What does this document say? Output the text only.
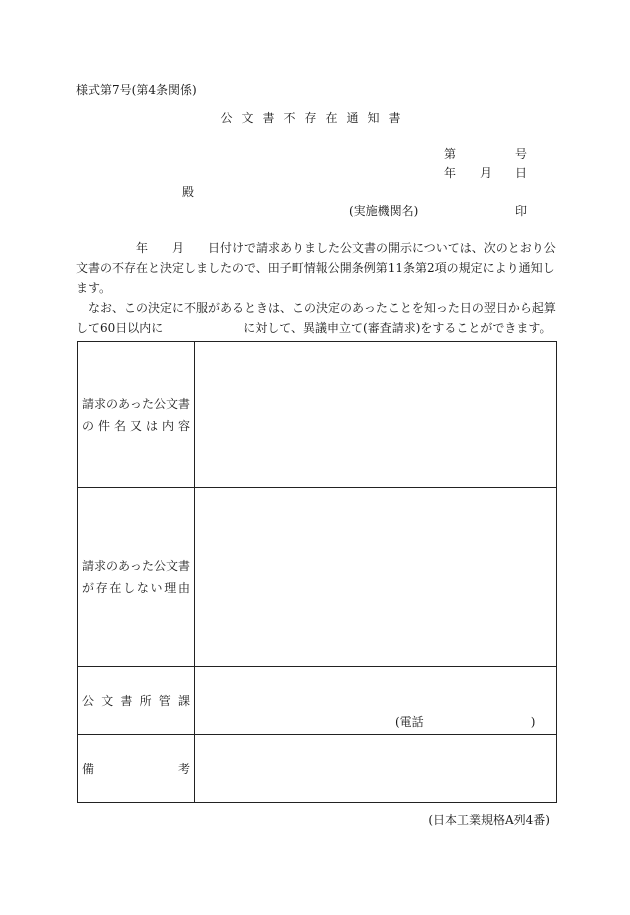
様式第7号(第4条関係)
公文書不存在通知書
第	号
年 月 日
殿
(実施機関名)	印
年 月 日付けで請求ありました公文書の開示については、次のとおり公文書の不存在と決定しましたので、田子町情報公開条例第11条第2項の規定により通知します。
なお、この決定に不服があるときは、この決定のあったことを知った日の翌日から起算して60日以内に	に対して、異議申立て(審査請求)をすることができます。
請求のあった公文書
の件名又は内容	

請求のあった公文書
が存在しない理由	

公文書所管課	(電話 )

備 考	

(日本工業規格A列4番)
